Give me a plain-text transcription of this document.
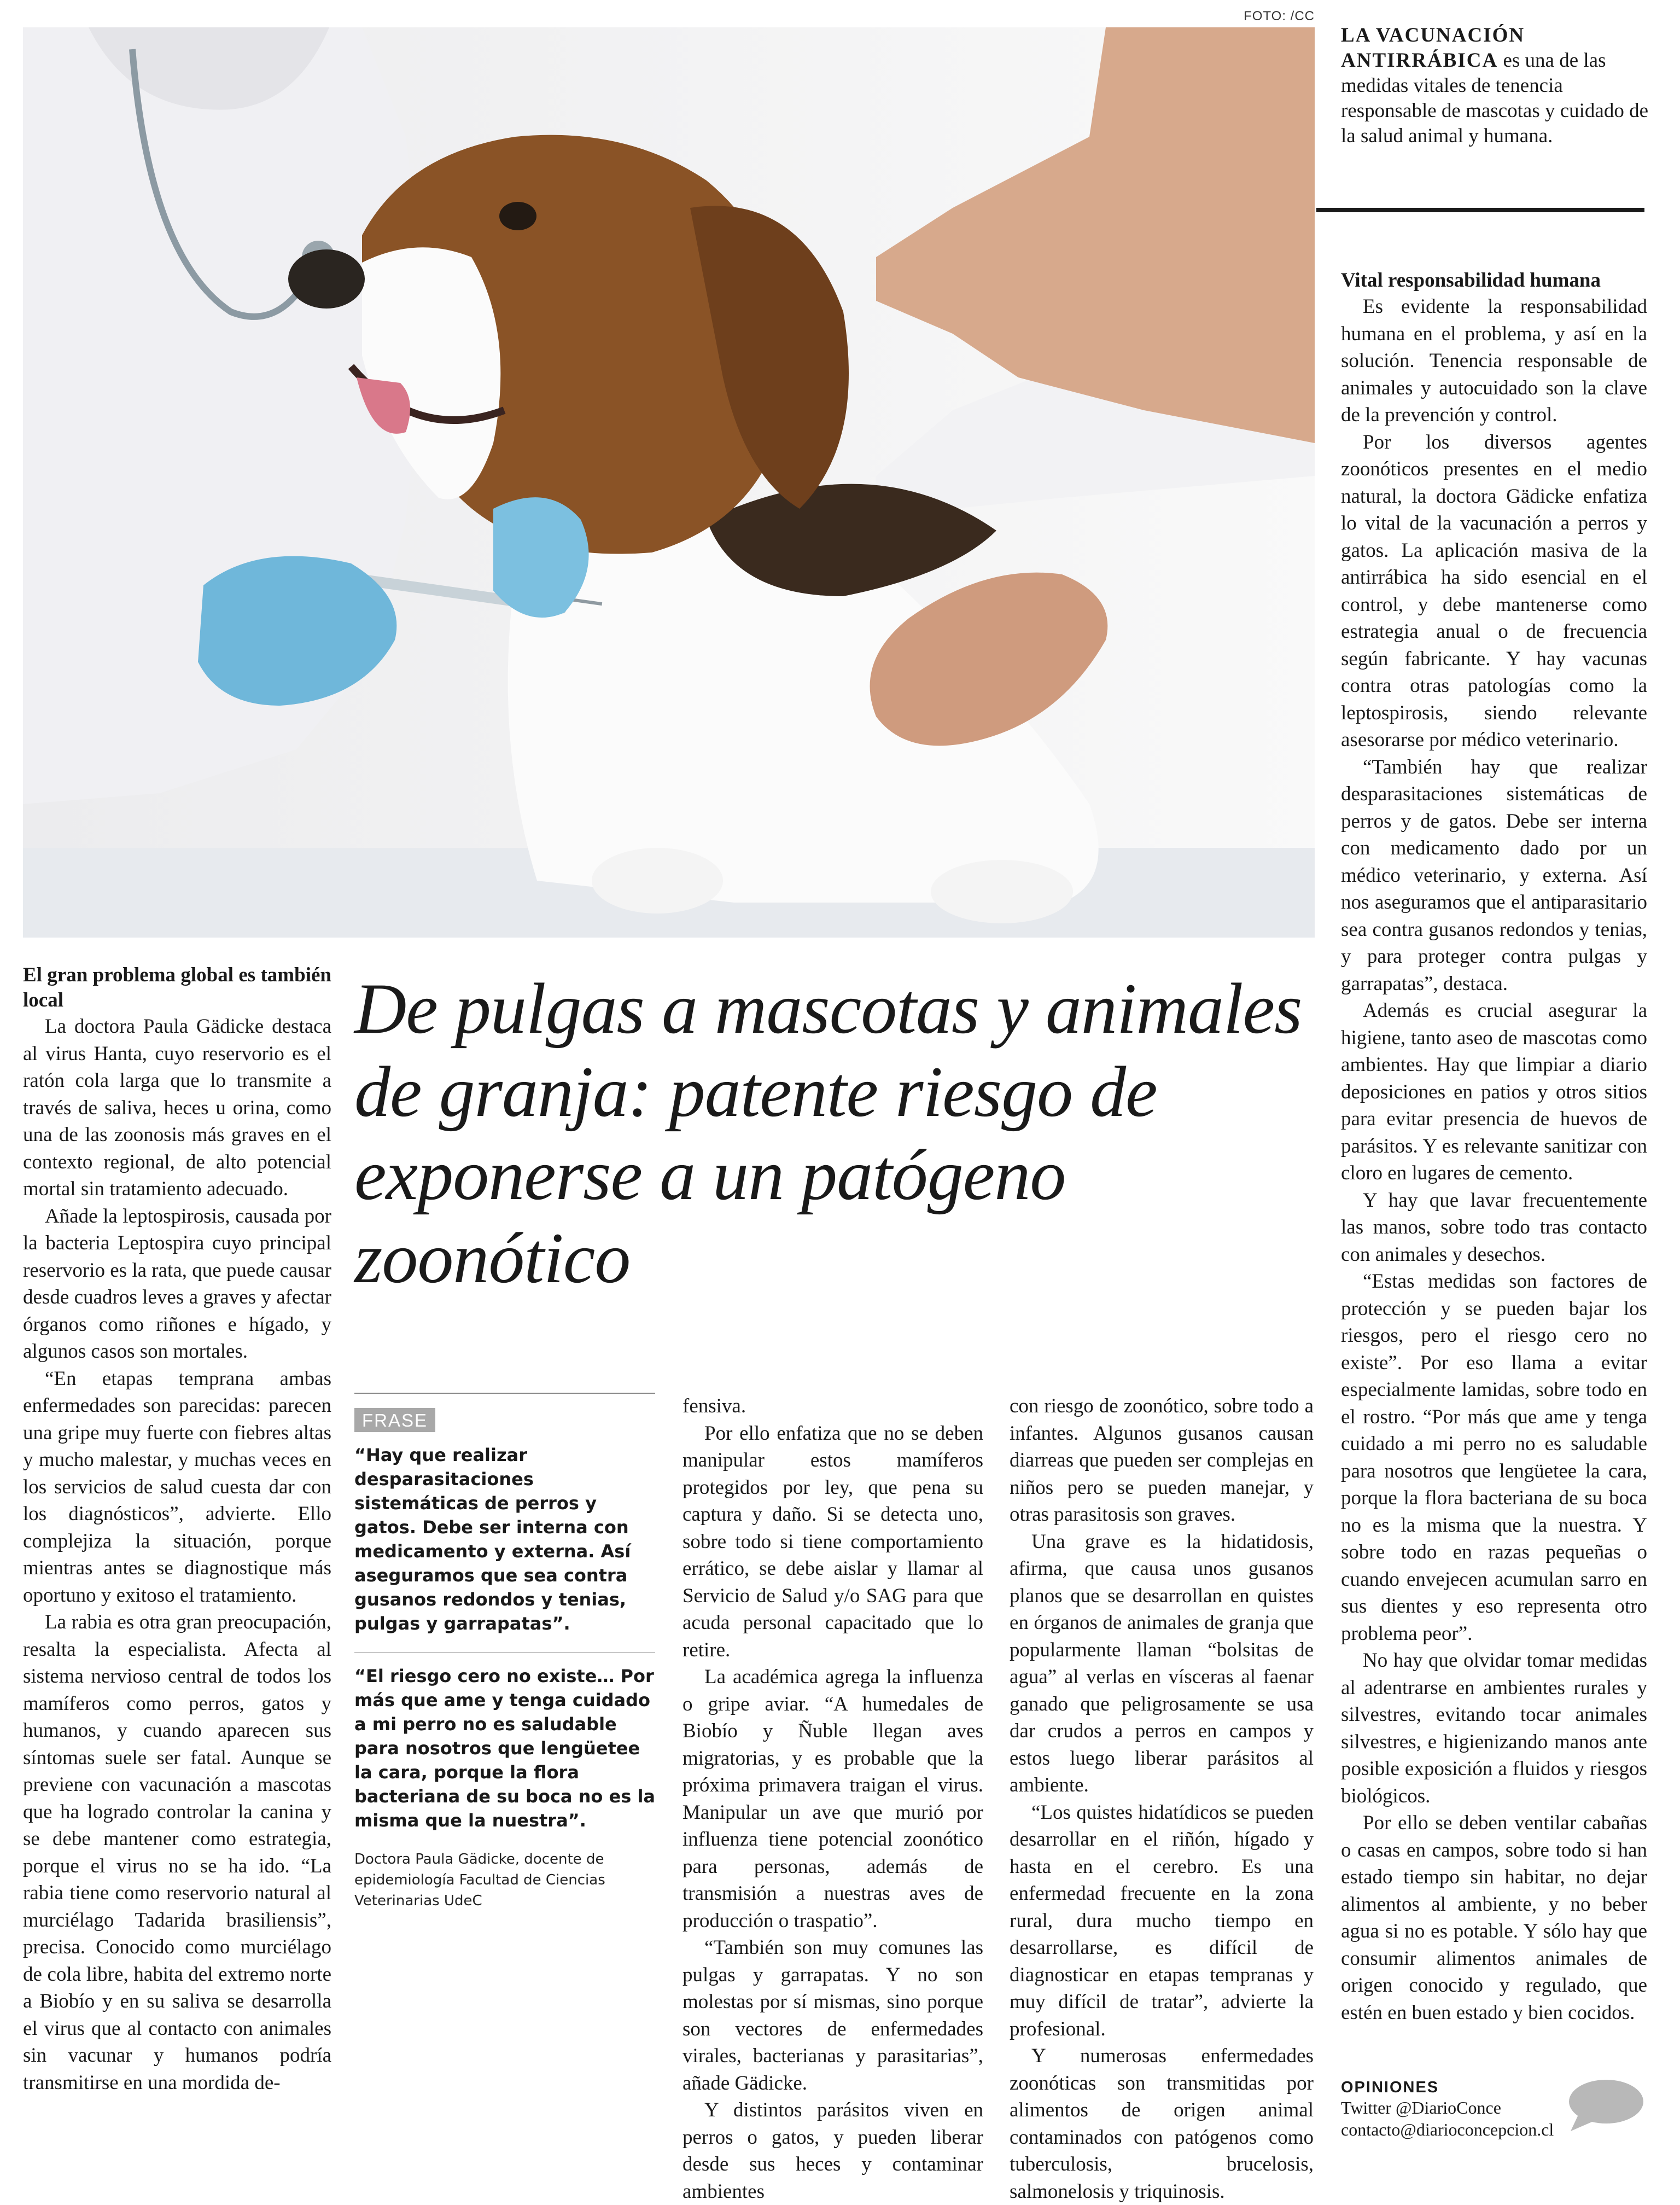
FOTO: /CC
LA VACUNACIÓN ANTIRRÁBICA es una de las medidas vitales de tenencia responsable de mascotas y cuidado de la salud animal y humana.
De pulgas a mascotas y animales de granja: patente riesgo de exponerse a un patógeno zoonótico

El gran problema global es también local

La doctora Paula Gädicke destaca al virus Hanta, cuyo reservorio es el ratón cola larga que lo transmite a través de saliva, heces u orina, como una de las zoonosis más graves en el contexto regional, de alto potencial mortal sin tratamiento adecuado.

Añade la leptospirosis, causada por la bacteria Leptospira cuyo principal reservorio es la rata, que puede causar desde cuadros leves a graves y afectar órganos como riñones e hígado, y algunos casos son mortales.

“En etapas temprana ambas enfermedades son parecidas: parecen una gripe muy fuerte con fiebres altas y mucho malestar, y muchas veces en los servicios de salud cuesta dar con los diagnósticos”, advierte. Ello complejiza la situación, porque mientras antes se diagnostique más oportuno y exitoso el tratamiento.

La rabia es otra gran preocupación, resalta la especialista. Afecta al sistema nervioso central de todos los mamíferos como perros, gatos y humanos, y cuando aparecen sus síntomas suele ser fatal. Aunque se previene con vacunación a mascotas que ha logrado controlar la canina y se debe mantener como estrategia, porque el virus no se ha ido. “La rabia tiene como reservorio natural al murciélago Tadarida brasiliensis”, precisa. Conocido como murciélago de cola libre, habita del extremo norte a Biobío y en su saliva se desarrolla el virus que al contacto con animales sin vacunar y humanos podría transmitirse en una mordida de-

FRASE

“Hay que realizar desparasitaciones sistemáticas de perros y gatos. Debe ser interna con medicamento y externa. Así aseguramos que sea contra gusanos redondos y tenias, pulgas y garrapatas”.

“El riesgo cero no existe… Por más que ame y tenga cuidado a mi perro no es saludable para nosotros que lengüetee la cara, porque la flora bacteriana de su boca no es la misma que la nuestra”.

Doctora Paula Gädicke, docente de epidemiología Facultad de Ciencias Veterinarias UdeC

fensiva.

Por ello enfatiza que no se deben manipular estos mamíferos protegidos por ley, que pena su captura y daño. Si se detecta uno, sobre todo si tiene comportamiento errático, se debe aislar y llamar al Servicio de Salud y/o SAG para que acuda personal capacitado que lo retire.

La académica agrega la influenza o gripe aviar. “A humedales de Biobío y Ñuble llegan aves migratorias, y es probable que la próxima primavera traigan el virus. Manipular un ave que murió por influenza tiene potencial zoonótico para personas, además de transmisión a nuestras aves de producción o traspatio”.

“También son muy comunes las pulgas y garrapatas. Y no son molestas por sí mismas, sino porque son vectores de enfermedades virales, bacterianas y parasitarias”, añade Gädicke.

Y distintos parásitos viven en perros o gatos, y pueden liberar desde sus heces y contaminar ambientes

con riesgo de zoonótico, sobre todo a infantes. Algunos gusanos causan diarreas que pueden ser complejas en niños pero se pueden manejar, y otras parasitosis son graves.

Una grave es la hidatidosis, afirma, que causa unos gusanos planos que se desarrollan en quistes en órganos de animales de granja que popularmente llaman “bolsitas de agua” al verlas en vísceras al faenar ganado que peligrosamente se usa dar crudos a perros en campos y estos luego liberar parásitos al ambiente.

“Los quistes hidatídicos se pueden desarrollar en el riñón, hígado y hasta en el cerebro. Es una enfermedad frecuente en la zona rural, dura mucho tiempo en desarrollarse, es difícil de diagnosticar en etapas tempranas y muy difícil de tratar”, advierte la profesional.

Y numerosas enfermedades zoonóticas son transmitidas por alimentos de origen animal contaminados con patógenos como tuberculosis, brucelosis, salmonelosis y triquinosis.

Vital responsabilidad humana

Es evidente la responsabilidad humana en el problema, y así en la solución. Tenencia responsable de animales y autocuidado son la clave de la prevención y control.

Por los diversos agentes zoonóticos presentes en el medio natural, la doctora Gädicke enfatiza lo vital de la vacunación a perros y gatos. La aplicación masiva de la antirrábica ha sido esencial en el control, y debe mantenerse como estrategia anual o de frecuencia según fabricante. Y hay vacunas contra otras patologías como la leptospirosis, siendo relevante asesorarse por médico veterinario.

“También hay que realizar desparasitaciones sistemáticas de perros y de gatos. Debe ser interna con medicamento dado por un médico veterinario, y externa. Así nos aseguramos que el antiparasitario sea contra gusanos redondos y tenias, y para proteger contra pulgas y garrapatas”, destaca.

Además es crucial asegurar la higiene, tanto aseo de mascotas como ambientes. Hay que limpiar a diario deposiciones en patios y otros sitios para evitar presencia de huevos de parásitos. Y es relevante sanitizar con cloro en lugares de cemento.

Y hay que lavar frecuentemente las manos, sobre todo tras contacto con animales y desechos.

“Estas medidas son factores de protección y se pueden bajar los riesgos, pero el riesgo cero no existe”. Por eso llama a evitar especialmente lamidas, sobre todo en el rostro. “Por más que ame y tenga cuidado a mi perro no es saludable para nosotros que lengüetee la cara, porque la flora bacteriana de su boca no es la misma que la nuestra. Y sobre todo en razas pequeñas o cuando envejecen acumulan sarro en sus dientes y eso representa otro problema peor”.

No hay que olvidar tomar medidas al adentrarse en ambientes rurales y silvestres, evitando tocar animales silvestres, e higienizando manos ante posible exposición a fluidos y riesgos biológicos.

Por ello se deben ventilar cabañas o casas en campos, sobre todo si han estado tiempo sin habitar, no dejar alimentos al ambiente, y no beber agua si no es potable. Y sólo hay que consumir alimentos animales de origen conocido y regulado, que estén en buen estado y bien cocidos.

OPINIONES
Twitter @DiarioConce
contacto@diarioconcepcion.cl
